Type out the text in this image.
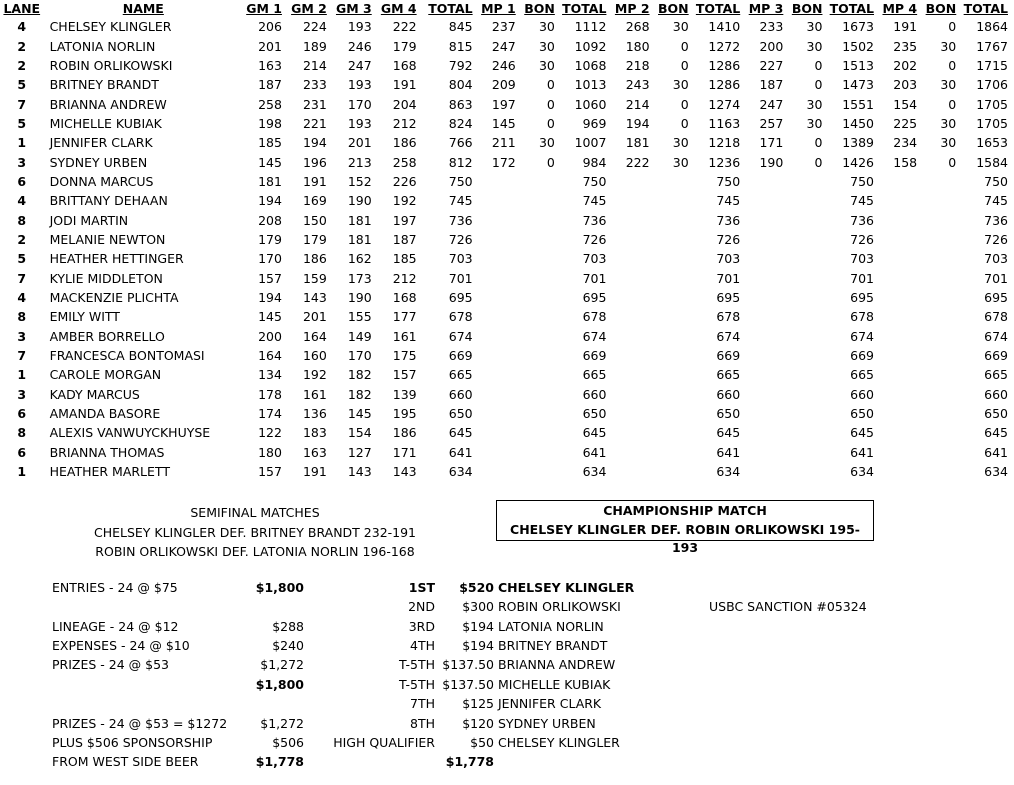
LANE	NAME	GM 1	GM 2	GM 3	GM 4	TOTAL	MP 1	BON	TOTAL	MP 2	BON	TOTAL	MP 3	BON	TOTAL	MP 4	BON	TOTAL
4	CHELSEY KLINGLER	206	224	193	222	845	237	30	1112	268	30	1410	233	30	1673	191	0	1864
2	LATONIA NORLIN	201	189	246	179	815	247	30	1092	180	0	1272	200	30	1502	235	30	1767
2	ROBIN ORLIKOWSKI	163	214	247	168	792	246	30	1068	218	0	1286	227	0	1513	202	0	1715
5	BRITNEY BRANDT	187	233	193	191	804	209	0	1013	243	30	1286	187	0	1473	203	30	1706
7	BRIANNA ANDREW	258	231	170	204	863	197	0	1060	214	0	1274	247	30	1551	154	0	1705
5	MICHELLE KUBIAK	198	221	193	212	824	145	0	969	194	0	1163	257	30	1450	225	30	1705
1	JENNIFER CLARK	185	194	201	186	766	211	30	1007	181	30	1218	171	0	1389	234	30	1653
3	SYDNEY URBEN	145	196	213	258	812	172	0	984	222	30	1236	190	0	1426	158	0	1584
6	DONNA MARCUS	181	191	152	226	750			750			750			750			750
4	BRITTANY DEHAAN	194	169	190	192	745			745			745			745			745
8	JODI MARTIN	208	150	181	197	736			736			736			736			736
2	MELANIE NEWTON	179	179	181	187	726			726			726			726			726
5	HEATHER HETTINGER	170	186	162	185	703			703			703			703			703
7	KYLIE MIDDLETON	157	159	173	212	701			701			701			701			701
4	MACKENZIE PLICHTA	194	143	190	168	695			695			695			695			695
8	EMILY WITT	145	201	155	177	678			678			678			678			678
3	AMBER BORRELLO	200	164	149	161	674			674			674			674			674
7	FRANCESCA BONTOMASI	164	160	170	175	669			669			669			669			669
1	CAROLE MORGAN	134	192	182	157	665			665			665			665			665
3	KADY MARCUS	178	161	182	139	660			660			660			660			660
6	AMANDA BASORE	174	136	145	195	650			650			650			650			650
8	ALEXIS VANWUYCKHUYSE	122	183	154	186	645			645			645			645			645
6	BRIANNA THOMAS	180	163	127	171	641			641			641			641			641
1	HEATHER MARLETT	157	191	143	143	634			634			634			634			634
SEMIFINAL MATCHES
CHELSEY KLINGLER DEF. BRITNEY BRANDT 232-191
ROBIN ORLIKOWSKI DEF. LATONIA NORLIN 196-168
CHAMPIONSHIP MATCH
CHELSEY KLINGLER DEF. ROBIN ORLIKOWSKI 195-193
ENTRIES - 24 @ $75	$1,800
LINEAGE - 24 @ $12	$288
EXPENSES - 24 @ $10	$240
PRIZES - 24 @ $53	$1,272
$1,800
PRIZES - 24 @ $53 = $1272	$1,272
PLUS $506 SPONSORSHIP	$506
FROM WEST SIDE BEER	$1,778
1ST	$520 CHELSEY KLINGLER
2ND	$300 ROBIN ORLIKOWSKI
3RD	$194 LATONIA NORLIN
4TH	$194 BRITNEY BRANDT
T-5TH $137.50 BRIANNA ANDREW
T-5TH $137.50 MICHELLE KUBIAK
7TH	$125 JENNIFER CLARK
8TH	$120 SYDNEY URBEN
HIGH QUALIFIER	$50 CHELSEY KLINGLER
$1,778
USBC SANCTION #05324
